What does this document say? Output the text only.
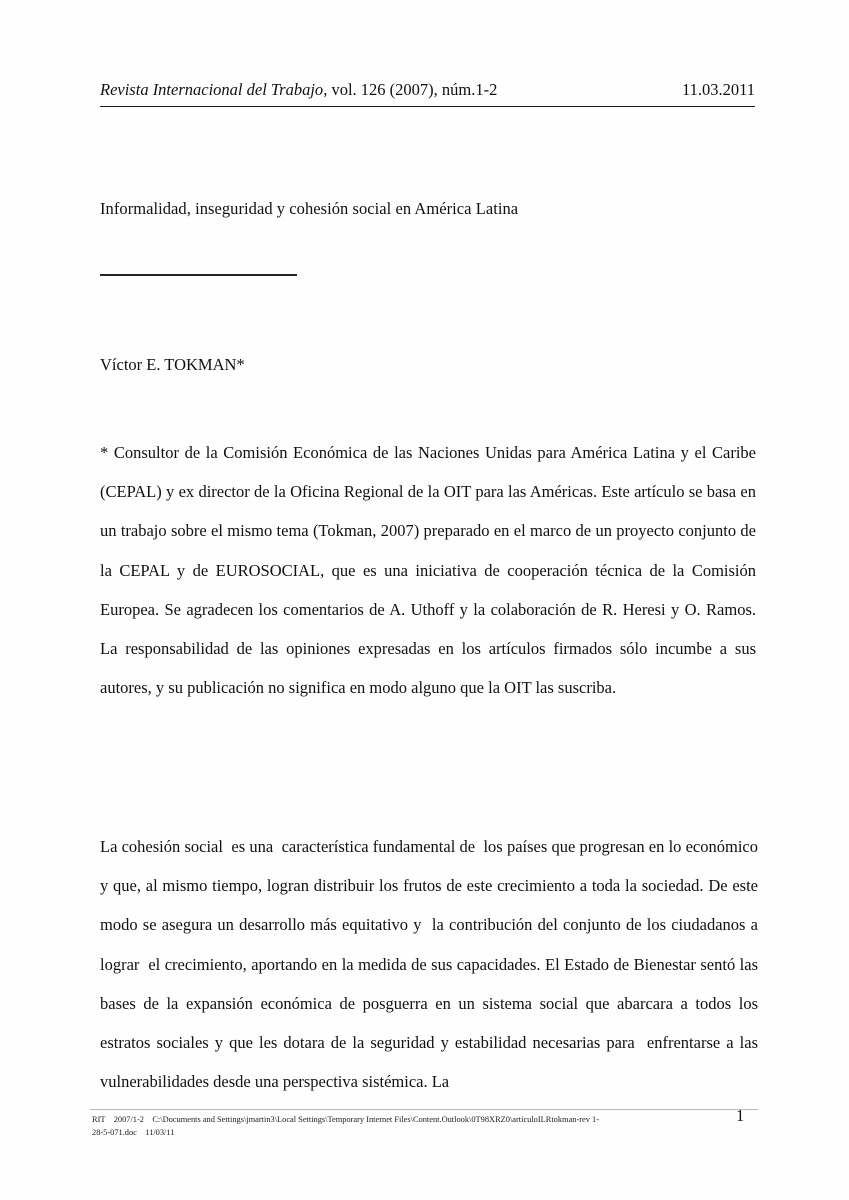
Revista Internacional del Trabajo, vol. 126 (2007), núm.1-2	11.03.2011
Informalidad, inseguridad y cohesión social en América Latina
Víctor E. TOKMAN*
* Consultor de la Comisión Económica de las Naciones Unidas para América Latina y el Caribe (CEPAL) y ex director de la Oficina Regional de la OIT para las Américas. Este artículo se basa en un trabajo sobre el mismo tema (Tokman, 2007) preparado en el marco de un proyecto conjunto de la CEPAL y de EUROSOCIAL, que es una iniciativa de cooperación técnica de la Comisión Europea. Se agradecen los comentarios de A. Uthoff y la colaboración de R. Heresi y O. Ramos. La responsabilidad de las opiniones expresadas en los artículos firmados sólo incumbe a sus autores, y su publicación no significa en modo alguno que la OIT las suscriba.
La cohesión social  es una  característica fundamental de  los países que progresan en lo económico y que, al mismo tiempo, logran distribuir los frutos de este crecimiento a toda la sociedad. De este modo se asegura un desarrollo más equitativo y  la contribución del conjunto de los ciudadanos a lograr  el crecimiento, aportando en la medida de sus capacidades. El Estado de Bienestar sentó las bases de la expansión económica de posguerra en un sistema social que abarcara a todos los  estratos sociales y que les dotara de la seguridad y estabilidad necesarias para  enfrentarse a las vulnerabilidades desde una perspectiva sistémica. La
RIT    2007/1-2    C:\Documents and Settings\jmartin3\Local Settings\Temporary Internet Files\Content.Outlook\0T98XRZ0\articuloILRtokman-rev 1-
28-5-071.doc    11/03/11
1
